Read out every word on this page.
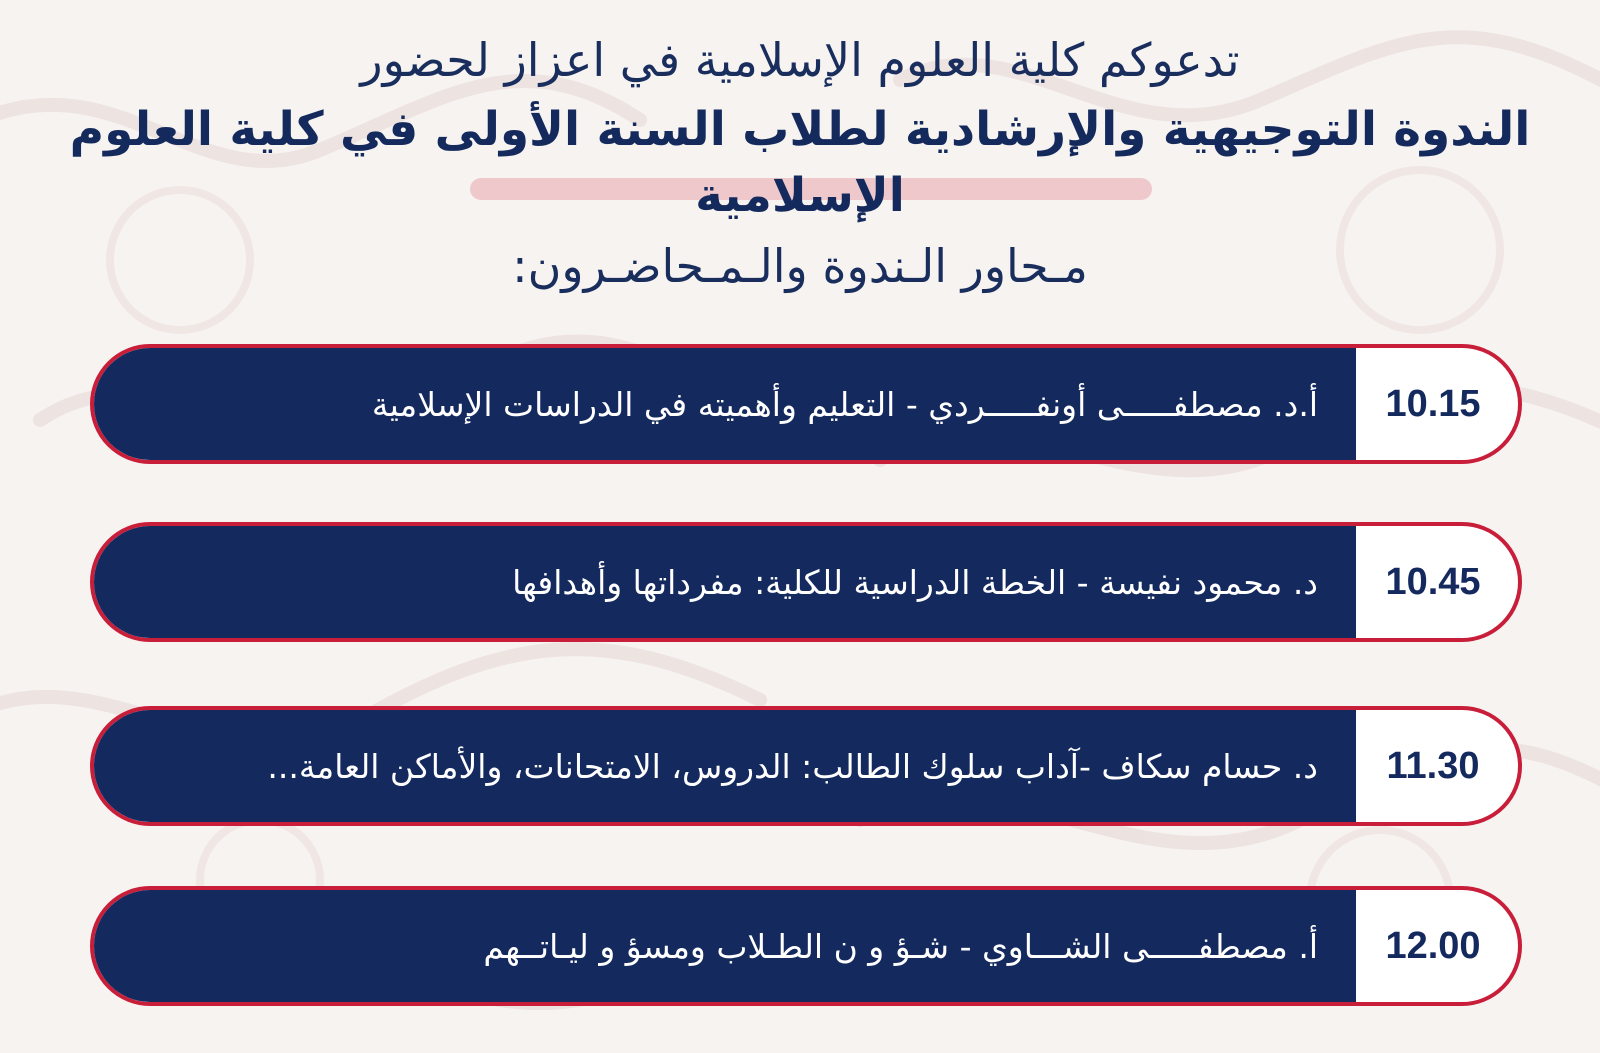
تدعوكم كلية العلوم الإسلامية في اعزاز لحضور
الندوة التوجيهية والإرشادية لطلاب السنة الأولى في كلية العلوم
الإسلامية
مـحاور الـندوة والـمـحاضـرون:
أ.د. مصطفـــــى أونفـــــردي - التعليم وأهميته في الدراسات الإسلامية	10.15
د. محمود نفيسة - الخطة الدراسية للكلية: مفرداتها وأهدافها	10.45
د. حسام سكاف -آداب سلوك الطالب: الدروس، الامتحانات، والأماكن العامة...	11.30
أ. مصطفـــــى الشـــاوي - شـؤ و ن الطـلاب ومسؤ و ليـاتــهم	12.00
